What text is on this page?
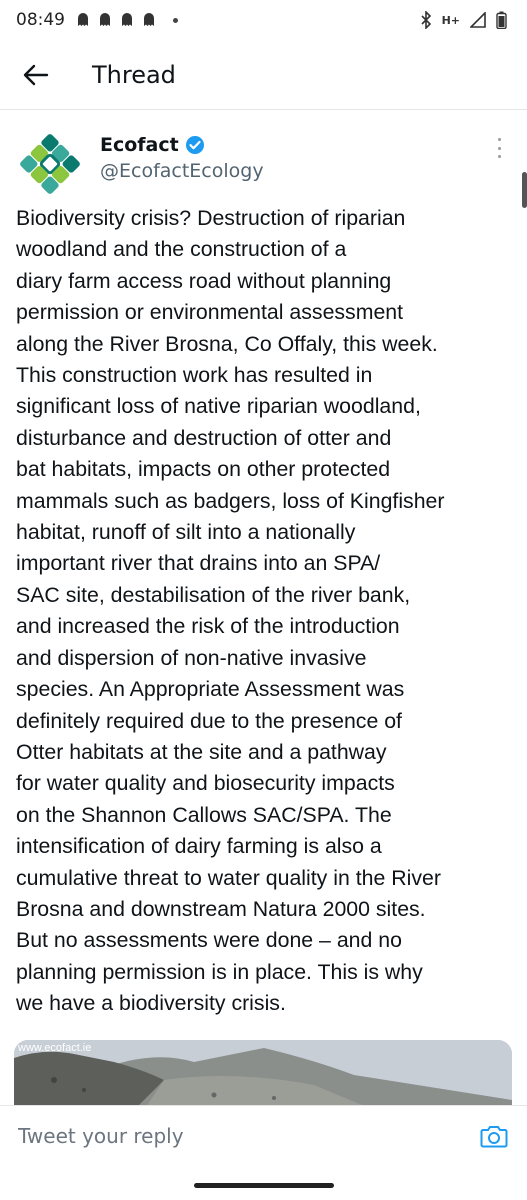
08:49	H+
Thread
Ecofact
@EcofactEcology
Biodiversity crisis? Destruction of riparian
woodland and the construction of a
diary farm access road without planning
permission or environmental assessment
along the River Brosna, Co Offaly, this week.
This construction work has resulted in
significant loss of native riparian woodland,
disturbance and destruction of otter and
bat habitats, impacts on other protected
mammals such as badgers, loss of Kingfisher
habitat, runoff of silt into a nationally
important river that drains into an SPA/
SAC site, destabilisation of the river bank,
and increased the risk of the introduction
and dispersion of non-native invasive
species. An Appropriate Assessment was
definitely required due to the presence of
Otter habitats at the site and a pathway
for water quality and biosecurity impacts
on the Shannon Callows SAC/SPA. The
intensification of dairy farming is also a
cumulative threat to water quality in the River
Brosna and downstream Natura 2000 sites.
But no assessments were done – and no
planning permission is in place. This is why
we have a biodiversity crisis.
www.ecofact.ie
Tweet your reply
